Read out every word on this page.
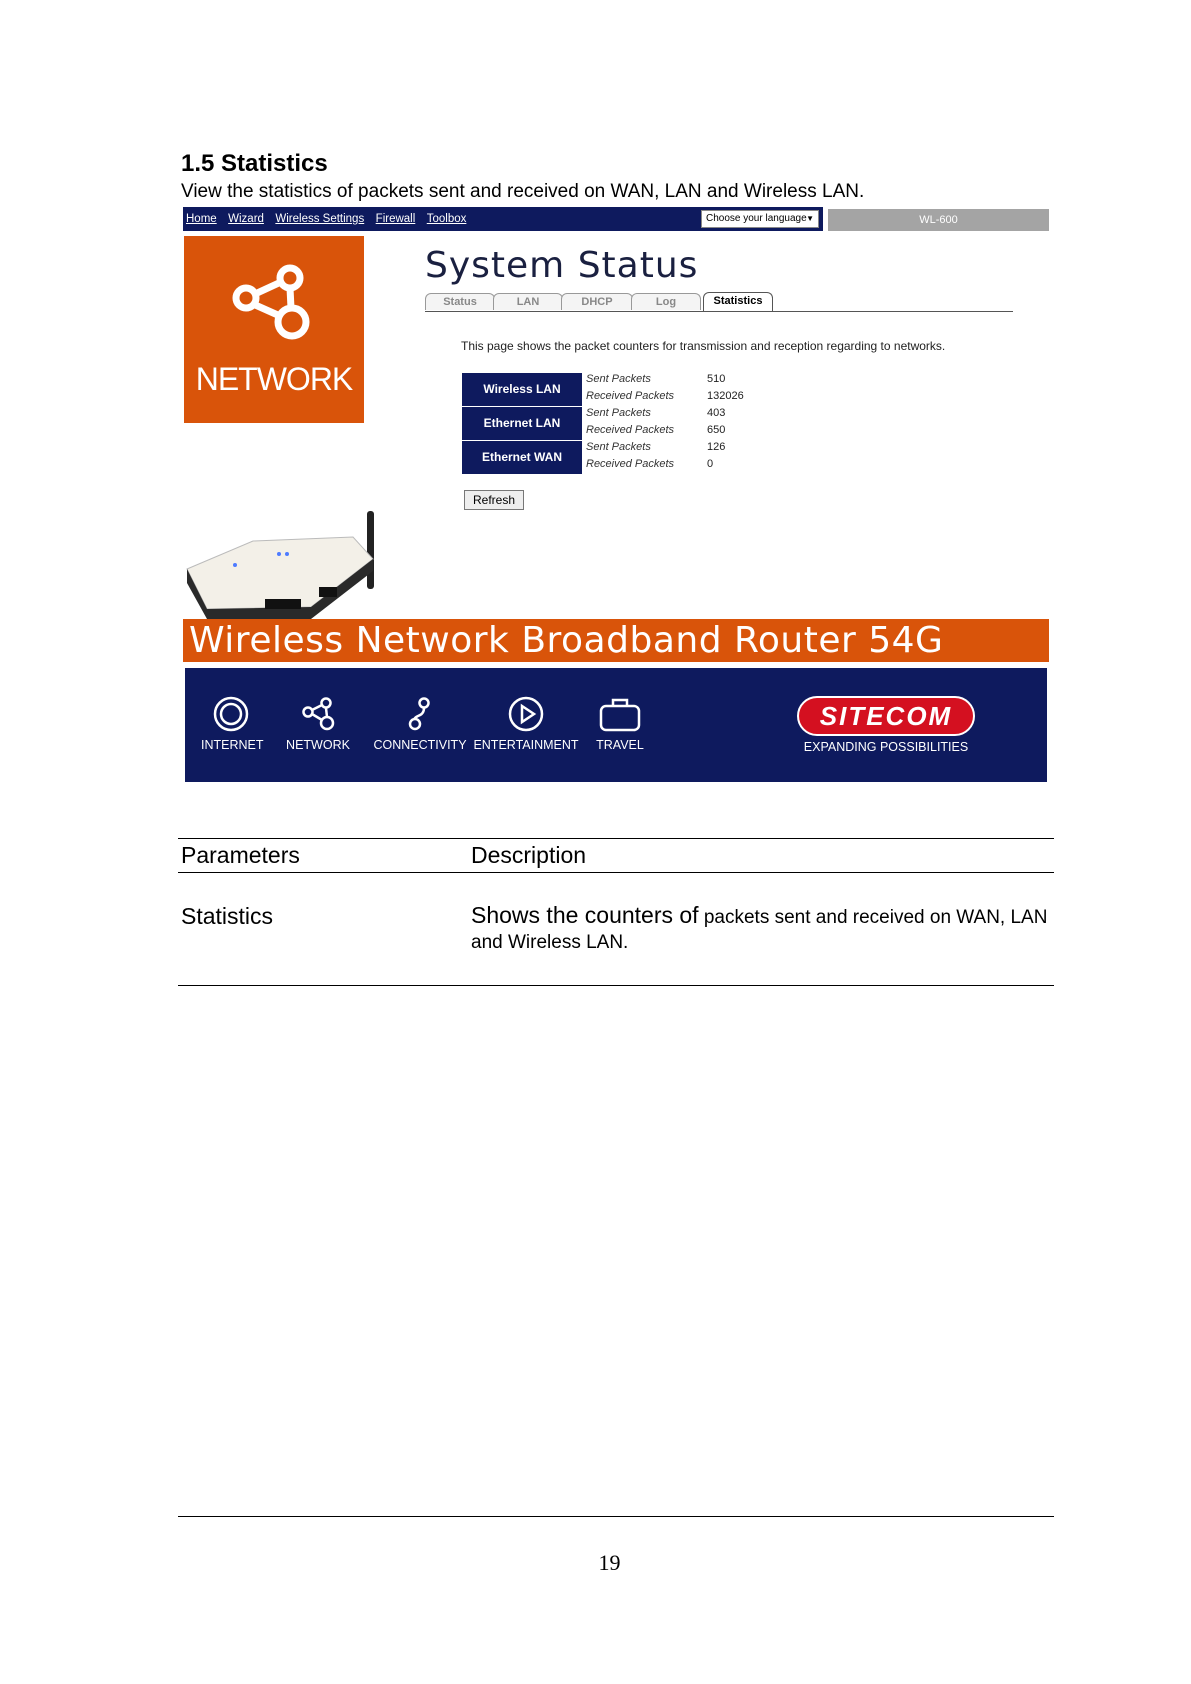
1.5 Statistics
View the statistics of packets sent and received on WAN, LAN and Wireless LAN.
Home Wizard Wireless Settings Firewall Toolbox	Choose your language ▼	WL-600
NETWORK
System Status
Status	LAN	DHCP	Log	Statistics
This page shows the packet counters for transmission and reception regarding to networks.
Wireless LAN
Sent Packets	510
Received Packets	132026
Ethernet LAN
Sent Packets	403
Received Packets	650
Ethernet WAN
Sent Packets	126
Received Packets	0
Refresh
Wireless Network Broadband Router 54G
INTERNET NETWORK CONNECTIVITY ENTERTAINMENT	TRAVEL
SITECOM
EXPANDING POSSIBILITIES
Parameters	Description
Statistics	Shows the counters of packets sent and received on WAN, LAN and Wireless LAN.
19
